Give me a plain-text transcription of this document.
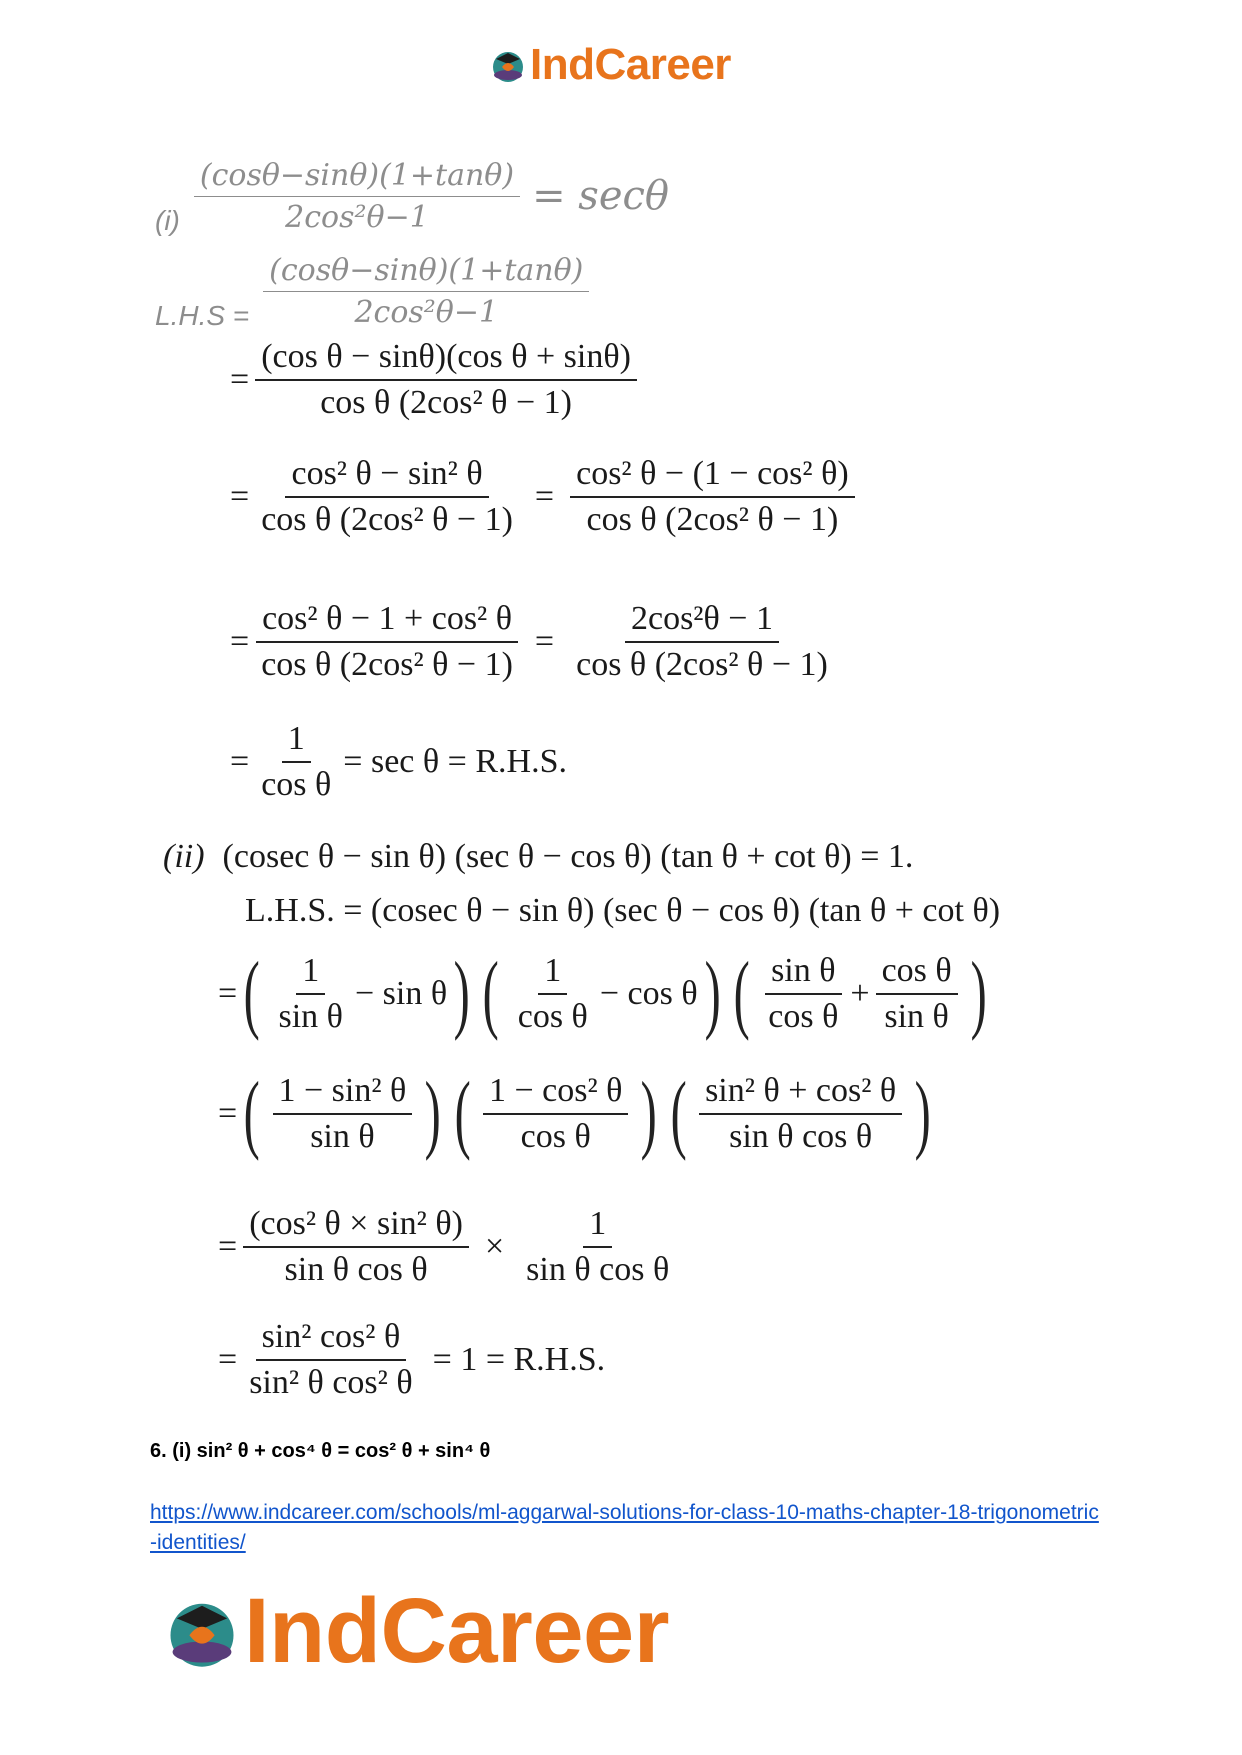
IndCareer
$(i) \frac{(\cos\theta-\sin\theta)(1+\tan\theta)}{\text{2cos²θ−1}} = \sec\theta$
$L.H.S = \frac{(\cos\theta-\sin\theta)(1+\tan\theta)}{\text{2cos²θ−1}}$
= $\frac{\text{(cos θ − sinθ)(cos θ + sinθ)}}{\text{cos θ (2cos² θ − 1)}}$
= $\frac{\text{cos² θ − sin² θ}}{\text{cos θ (2cos² θ − 1)}} = \frac{\text{cos² θ − (1 − cos² θ)}}{\text{cos θ (2cos² θ − 1)}}$
= $\frac{\text{cos² θ − 1 + cos² θ}}{\text{cos θ (2cos² θ − 1)}} = \frac{\text{2cos²θ − 1}}{\text{cos θ (2cos² θ − 1)}}$
= $\frac{1}{\text{cos θ}} = \sec \theta = R.H.S$.
(ii) (cosec θ − sin θ) (sec θ − cos θ) (tan θ + cot θ) = 1.
L.H.S. = (cosec θ − sin θ) (sec θ − cos θ) (tan θ + cot θ)
= ( $\frac{1}{\text{sin θ}} - \sin \theta$ ) ( $\frac{1}{\text{cos θ}} - \cos \theta$ ) ( $\frac{\text{sin θ}}{\text{cos θ}} + \frac{\text{cos θ}}{\text{sin θ}}$ )
= ( $\frac{\text{1 − sin² θ}}{\text{sin θ}}$ ) ( $\frac{\text{1 − cos² θ}}{\text{cos θ}}$ ) ( $\frac{\text{sin² θ + cos² θ}}{\text{sin θ cos θ}}$ )
= $\frac{\text{(cos² θ × sin² θ)}}{\text{sin θ cos θ}} \times \frac{1}{\text{sin θ cos θ}}$
= $\frac{\text{sin² cos² θ}}{\text{sin² θ cos² θ}} = 1 = R.H.S$.
6. (i) sin² θ + cos⁴ θ = cos² θ + sin⁴ θ
https://www.indcareer.com/schools/ml-aggarwal-solutions-for-class-10-maths-chapter-18-trigonometric-identities/
IndCareer
